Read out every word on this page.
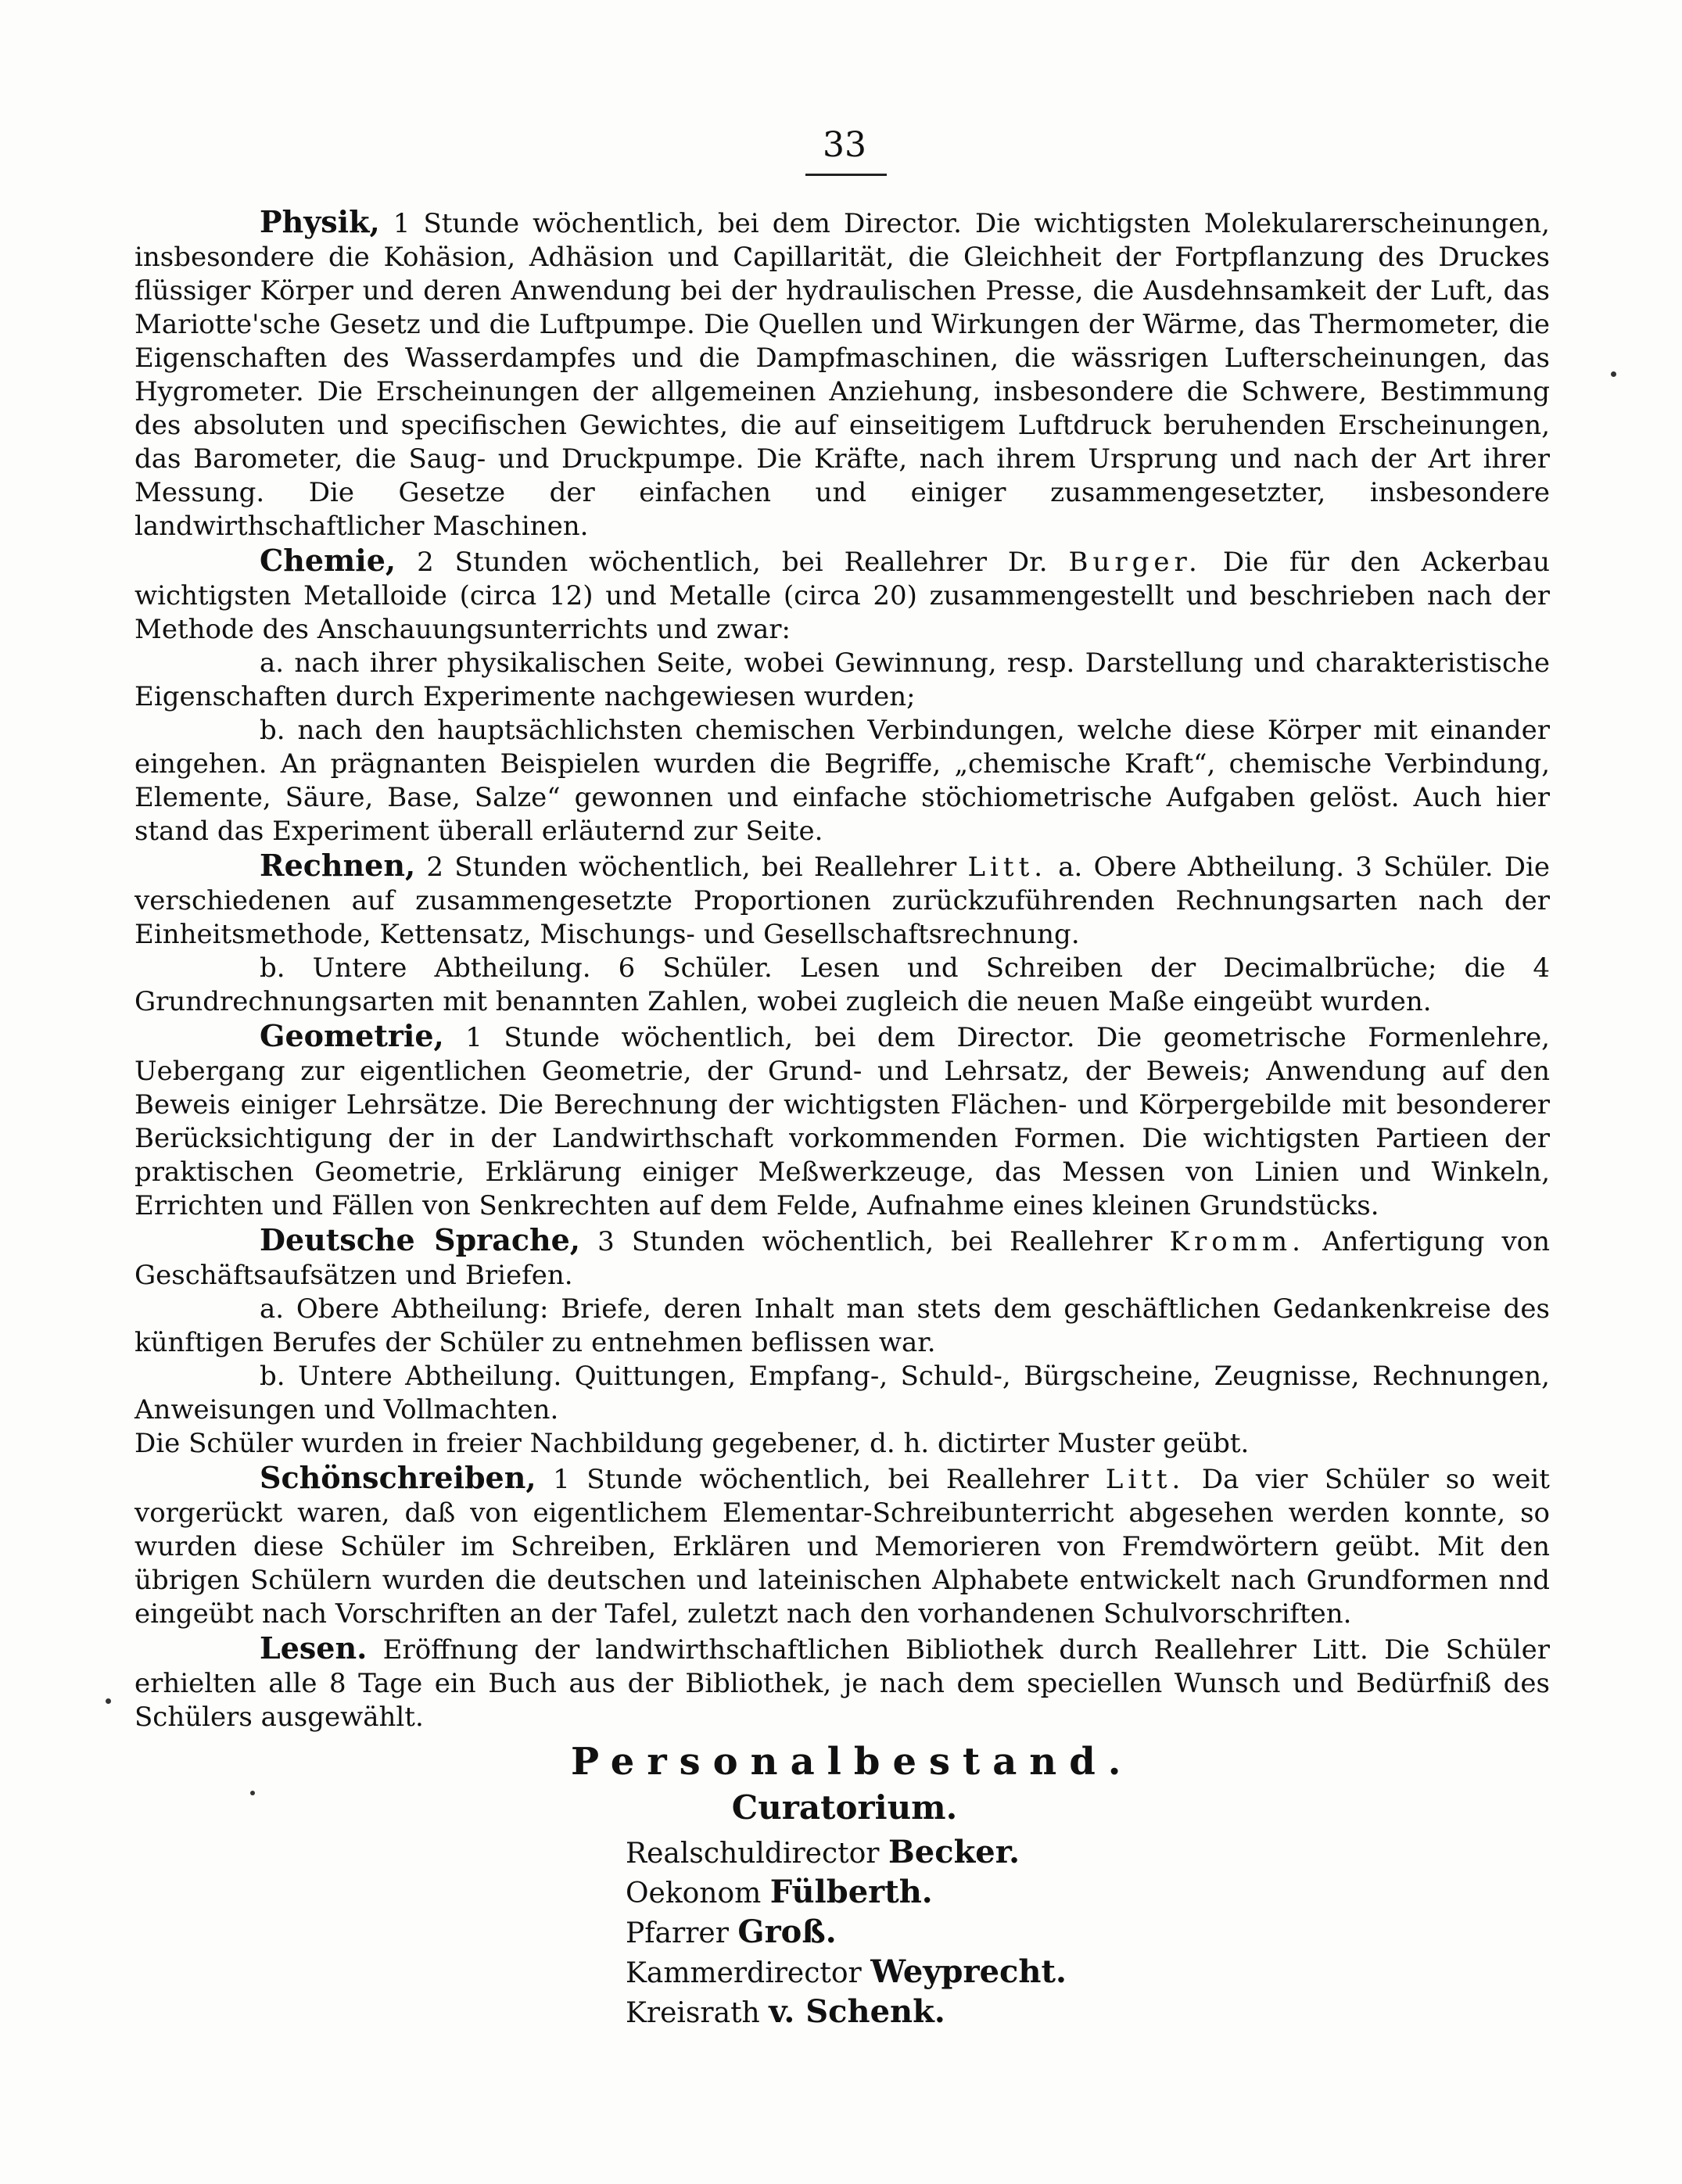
33

Physik, 1 Stunde wöchentlich, bei dem Director. Die wichtigsten Molekularerscheinungen, insbesondere die Kohäsion, Adhäsion und Capillarität, die Gleichheit der Fortpflanzung des Druckes flüssiger Körper und deren Anwendung bei der hydraulischen Presse, die Ausdehnsamkeit der Luft, das Mariotte'sche Gesetz und die Luftpumpe. Die Quellen und Wirkungen der Wärme, das Thermometer, die Eigenschaften des Wasserdampfes und die Dampfmaschinen, die wässrigen Lufterscheinungen, das Hygrometer. Die Erscheinungen der allgemeinen Anziehung, insbesondere die Schwere, Bestimmung des absoluten und specifischen Gewichtes, die auf einseitigem Luftdruck beruhenden Erscheinungen, das Barometer, die Saug- und Druckpumpe. Die Kräfte, nach ihrem Ursprung und nach der Art ihrer Messung. Die Gesetze der einfachen und einiger zusammengesetzter, insbesondere landwirthschaftlicher Maschinen.

Chemie, 2 Stunden wöchentlich, bei Reallehrer Dr. Burger. Die für den Ackerbau wichtigsten Metalloide (circa 12) und Metalle (circa 20) zusammengestellt und beschrieben nach der Methode des Anschauungsunterrichts und zwar:

a. nach ihrer physikalischen Seite, wobei Gewinnung, resp. Darstellung und charakteristische Eigenschaften durch Experimente nachgewiesen wurden;

b. nach den hauptsächlichsten chemischen Verbindungen, welche diese Körper mit einander eingehen. An prägnanten Beispielen wurden die Begriffe, „chemische Kraft“, chemische Verbindung, Elemente, Säure, Base, Salze“ gewonnen und einfache stöchiometrische Aufgaben gelöst. Auch hier stand das Experiment überall erläuternd zur Seite.

Rechnen, 2 Stunden wöchentlich, bei Reallehrer Litt. a. Obere Abtheilung. 3 Schüler. Die verschiedenen auf zusammengesetzte Proportionen zurückzuführenden Rechnungsarten nach der Einheitsmethode, Kettensatz, Mischungs- und Gesellschaftsrechnung.

b. Untere Abtheilung. 6 Schüler. Lesen und Schreiben der Decimalbrüche; die 4 Grundrechnungsarten mit benannten Zahlen, wobei zugleich die neuen Maße eingeübt wurden.

Geometrie, 1 Stunde wöchentlich, bei dem Director. Die geometrische Formenlehre, Uebergang zur eigentlichen Geometrie, der Grund- und Lehrsatz, der Beweis; Anwendung auf den Beweis einiger Lehrsätze. Die Berechnung der wichtigsten Flächen- und Körpergebilde mit besonderer Berücksichtigung der in der Landwirthschaft vorkommenden Formen. Die wichtigsten Partieen der praktischen Geometrie, Erklärung einiger Meßwerkzeuge, das Messen von Linien und Winkeln, Errichten und Fällen von Senkrechten auf dem Felde, Aufnahme eines kleinen Grundstücks.

Deutsche Sprache, 3 Stunden wöchentlich, bei Reallehrer Kromm. Anfertigung von Geschäftsaufsätzen und Briefen.

a. Obere Abtheilung: Briefe, deren Inhalt man stets dem geschäftlichen Gedankenkreise des künftigen Berufes der Schüler zu entnehmen beflissen war.

b. Untere Abtheilung. Quittungen, Empfang-, Schuld-, Bürgscheine, Zeugnisse, Rechnungen, Anweisungen und Vollmachten.

Die Schüler wurden in freier Nachbildung gegebener, d. h. dictirter Muster geübt.

Schönschreiben, 1 Stunde wöchentlich, bei Reallehrer Litt. Da vier Schüler so weit vorgerückt waren, daß von eigentlichem Elementar-Schreibunterricht abgesehen werden konnte, so wurden diese Schüler im Schreiben, Erklären und Memorieren von Fremdwörtern geübt. Mit den übrigen Schülern wurden die deutschen und lateinischen Alphabete entwickelt nach Grundformen nnd eingeübt nach Vorschriften an der Tafel, zuletzt nach den vorhandenen Schulvorschriften.

Lesen. Eröffnung der landwirthschaftlichen Bibliothek durch Reallehrer Litt. Die Schüler erhielten alle 8 Tage ein Buch aus der Bibliothek, je nach dem speciellen Wunsch und Bedürfniß des Schülers ausgewählt.

Personalbestand.
Curatorium.
Realschuldirector Becker.
Oekonom Fülberth.
Pfarrer Groß.
Kammerdirector Weyprecht.
Kreisrath v. Schenk.
